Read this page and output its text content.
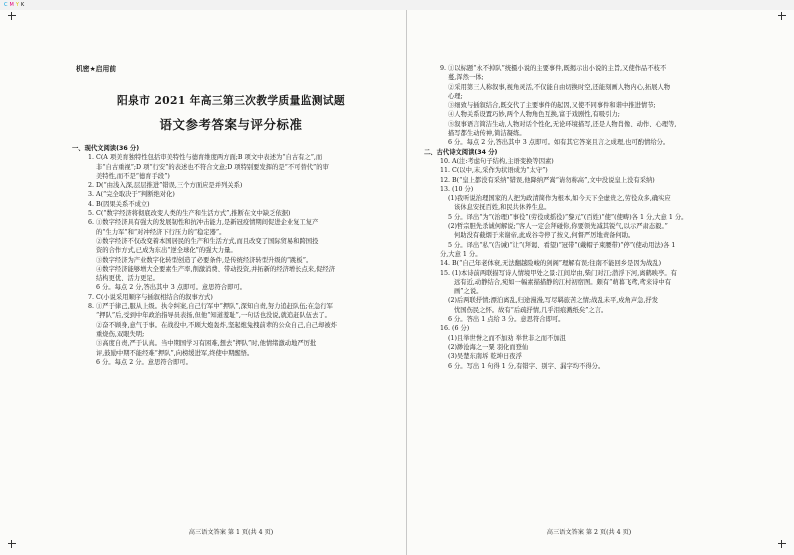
CMYK
机密★启用前
阳泉市 2021 年高三第三次教学质量监测试题
语文参考答案与评分标准

一、现代文阅读(36 分)

1. C(A 项美育独特性包括审美特性与德育维度两方面;B 项文中表述为“自古有之”,而

非“自古重视”;D 项“行安”的表述也不符合文意;D 项特别要发挥的是“不可替代”的审

美特性,而不是“德育手段”)

2. D(“由浅入深,层层推进”错误,三个方面应是并列关系)

3. A(“完全取决于”判断绝对化)

4. B(因果关系不成立)

5. C(“数字经济将彻底改变人类的生产和生活方式”,推断在文中缺乏依据)

6. ①数字经济具有强大的发展韧性和抗冲击能力,是新冠疫情期间促进企业复工复产

的“生力军”和“对冲经济下行压力的“稳定器”。

②数字经济不仅改变着本国居民的生产和生活方式,而且改变了国际贸易和跨国投

资的合作方式,已成为东出“逆全球化”的强大力量。

③数字经济为产业数字化转型创造了必要条件,是传统经济转型升级的“跳板”。

④数字经济能够增大全要素生产率,削激消费、带动投资,并拓新的经济增长点来,促经济

结构更优、活力更足。

6 分。每点 2 分,答出其中 3 点即可。意思符合即可。

7. C(小说采用顺序与插叙相结合的叙事方式)

8. ①严于律己,服从上级。执令纠案,自己行军中“押队”,深知自责,努力追赶队伍;在急行军

“押队”后,受到中年政治指导员表扬,但他“知道羞耻”,一句话也没说,就追赶队伍去了。

②奋不顾身,意气于事。在战役中,不顾大炮轰炸,坚起炮兔拽前辈的公众自己,自己却被炸

重烧伤,双眼失明;

③高度自责,严于认真。当中期国学习有困难,想去“押队”时,他情绪激动地严厉批

评,鼓励中期不能经难“押队”,向榜缓进军,终使中期醒悟。

6 分。每点 2 分。意思符合即可。

9. ①以标题“永不掉队”统摄小说的主要事件,既揭示出小说的主旨,又使作品不枝不

蔓,浑然一体;

②采用第三人称叙事,视角灵活,不仅能自由切换时空,还能刻画人物内心,拓展人物

心理;

③细致与插叙结合,既交代了主要事件的起因,又使不同事件和谐中推进情节;

④人物关系设置巧妙,两个人物角色互换,富于戏剧性,有吸引力;

⑤叙事语言简洁生动,人物对话个性化,无论环境描写,还是人物肖像、动作、心理等,

描写都生动传神,简洁凝练。

6 分。每点 2 分,答出其中 3 点即可。如有其它答案且言之成理,也可酌情给分。

二、古代诗文阅读(34 分)

10. A(注:考虑句子结构,主语变换等因素)

11. C(以中,末,采作为状语成为“太守”)

12. B(“皇上都没有采纳”错误,他降纳严嵩“请勿称高”,文中没说皇上没有采纳)

13. (10 分)

(1)我听说治理国家的人把为政清简作为根本,如今天下全虚贵之,劳役众多,确实应

该休息安抚百姓,和民共休养生息。

5 分。译出“为”(治理)“事役”(劳役或摇役)“黎元”(百姓)“使”(使畴)各 1 分,大意 1 分。

(2)哲宗胆先杀诚何解说;“客人一定会拜碰你,你要领先减其锐气,以示严肃态毅。”

何助没有截烟于来谢帝,此成谷寺停了按义,何督严厉地责备何助。

5 分。译出“私”(告诫)“让”(拜谒、看望)“冠带”(戴帽子束腰带)“停”(使动用法)各 1

分,大意 1 分。

14. B(“自己年老体衰,无法翻越险峻的剑阁”理解有误;往南不能回乡是因为战乱)

15. (1)本诗前两联描写诗人情境甲处之景:江间岸由,柴门对江;潜浮下河,离鹤映亭。有

远有近,动静结合,宛如一幅素描描静的江村初宿图。颇有“萌暮飞鸢,鸢来诗中有

画”之说。

(2)后两联抒情;漂泊离乱,归途漫漫,写尽羁旅苦之情;战乱未平,戍角声急,抒发

忧国伤民之怀。故有“后疏抒情,几乎泪痕溅纸矣”之言。

6 分。答出 1 点给 3 分。意思符合即可。

16. (6 分)

(1)且举世誉之而不加劝 举世非之而不加沮

(2)渺沧海之一粟 羽化而登仙

(3)吴楚东南坼 乾坤日夜浮

6 分。写出 1 句得 1 分,有错字、别字、漏字均不得分。

高三语文答案 第 1 页(共 4 页)	高三语文答案 第 2 页(共 4 页)
